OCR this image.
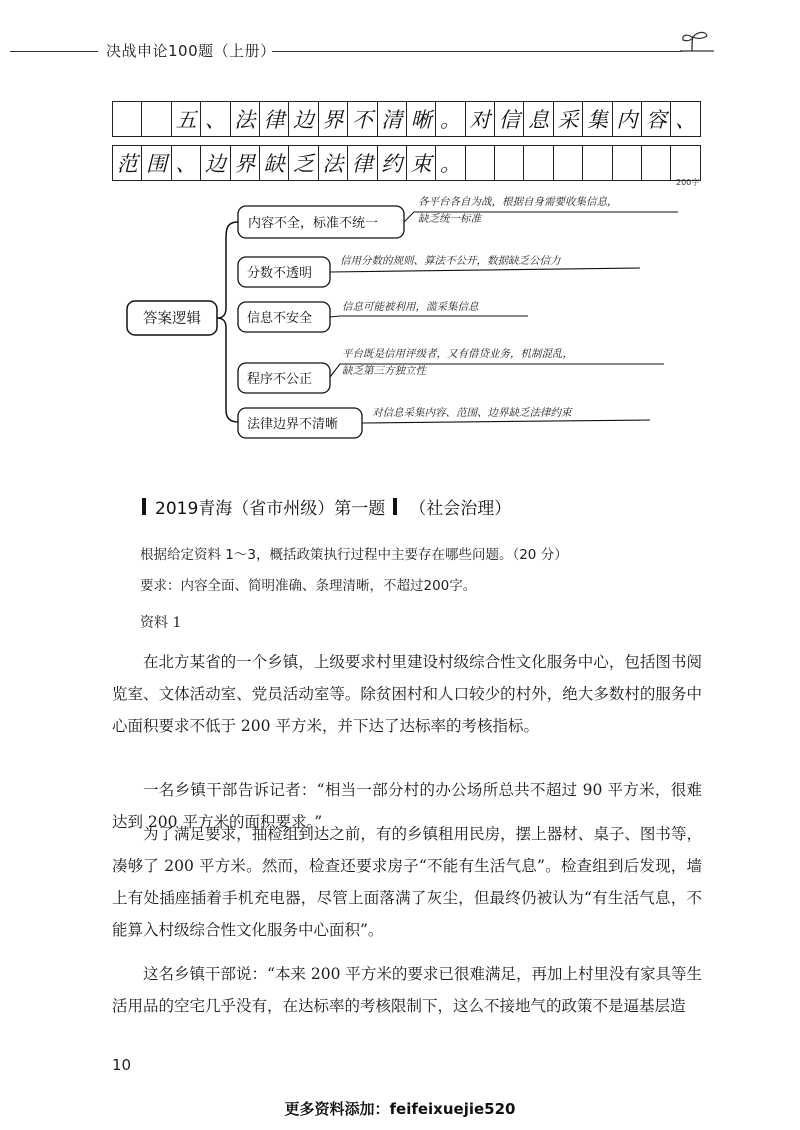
决战申论100题（上册）
五 、 法 律 边 界 不 清 晰 。 对 信 息 采 集 内 容 、
范 围 、 边 界 缺 乏 法 律 约 束 。
200字
答案逻辑
内容不全，标准不统一
各平台各自为战，根据自身需要收集信息，
缺乏统一标准
分数不透明
信用分数的规则、算法不公开，数据缺乏公信力
信息不安全
信息可能被利用，滥采集信息
程序不公正
平台既是信用评级者，又有借贷业务，机制混乱，
缺乏第三方独立性
法律边界不清晰
对信息采集内容、范围、边界缺乏法律约束
2019青海（省市州级）第一题 （社会治理）
根据给定资料 1～3，概括政策执行过程中主要存在哪些问题。（20 分）
要求：内容全面、简明准确、条理清晰，不超过200字。
资料 1

在北方某省的一个乡镇，上级要求村里建设村级综合性文化服务中心，包括图书阅览室、文体活动室、党员活动室等。除贫困村和人口较少的村外，绝大多数村的服务中心面积要求不低于 200 平方米，并下达了达标率的考核指标。

一名乡镇干部告诉记者：“相当一部分村的办公场所总共不超过 90 平方米，很难达到 200 平方米的面积要求。”

为了满足要求，抽检组到达之前，有的乡镇租用民房，摆上器材、桌子、图书等，凑够了 200 平方米。然而，检查还要求房子“不能有生活气息”。检查组到后发现，墙上有处插座插着手机充电器，尽管上面落满了灰尘，但最终仍被认为“有生活气息，不能算入村级综合性文化服务中心面积”。

这名乡镇干部说：“本来 200 平方米的要求已很难满足，再加上村里没有家具等生活用品的空宅几乎没有，在达标率的考核限制下，这么不接地气的政策不是逼基层造

10
更多资料添加：feifeixuejie520
